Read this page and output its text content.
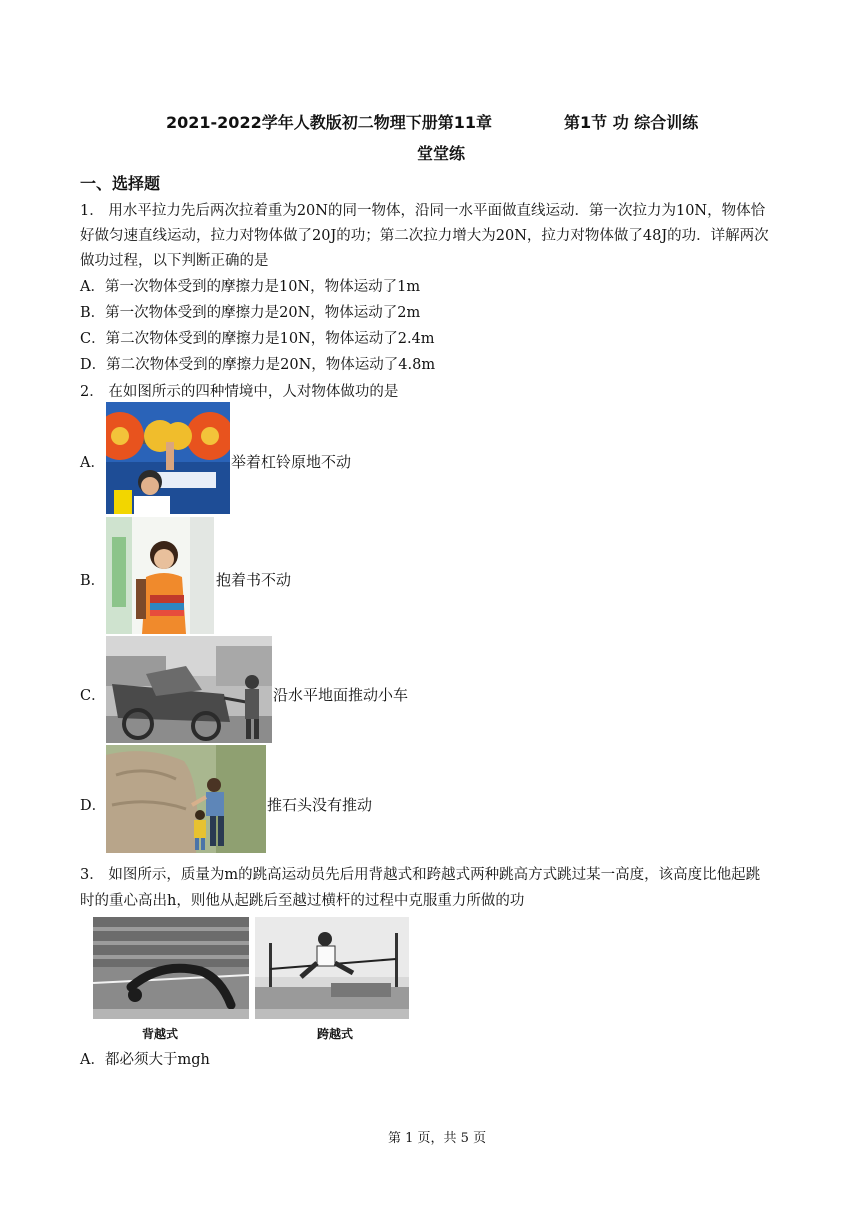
2021-2022学年人教版初二物理下册第11章	第1节 功 综合训练
堂堂练
一、选择题
1． 用水平拉力先后两次拉着重为20N的同一物体，沿同一水平面做直线运动．第一次拉力为10N，物体恰
好做匀速直线运动，拉力对物体做了20J的功；第二次拉力增大为20N，拉力对物体做了48J的功．详解两次
做功过程，以下判断正确的是
A．第一次物体受到的摩擦力是10N，物体运动了1m
B．第一次物体受到的摩擦力是20N，物体运动了2m
C．第二次物体受到的摩擦力是10N，物体运动了2.4m
D．第二次物体受到的摩擦力是20N，物体运动了4.8m
2． 在如图所示的四种情境中，人对物体做功的是
A．	举着杠铃原地不动
B．	抱着书不动
C．	沿水平地面推动小车
D．	推石头没有推动
3． 如图所示，质量为m的跳高运动员先后用背越式和跨越式两种跳高方式跳过某一高度，该高度比他起跳
时的重心高出h，则他从起跳后至越过横杆的过程中克服重力所做的功
背越式	跨越式
A．都必须大于mgh
第 1 页，共 5 页
